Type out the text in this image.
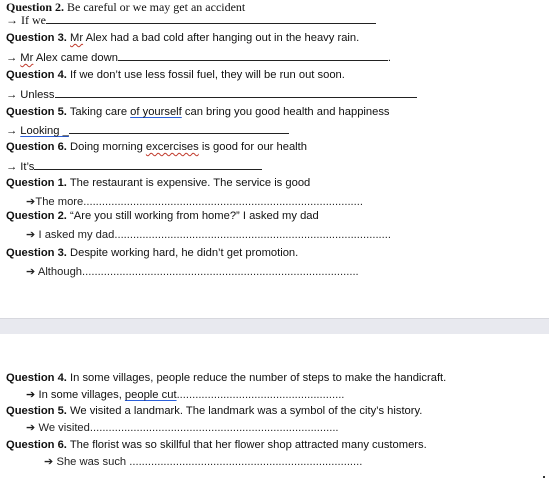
Question 2. Be careful or we may get an accident
→ If we
Question 3. Mr Alex had a bad cold after hanging out in the heavy rain.
→ Mr Alex came down	.
Question 4. If we don’t use less fossil fuel, they will be run out soon.
→ Unless
Question 5. Taking care of yourself can bring you good health and happiness
→ Looking _
Question 6. Doing morning excercises is good for our health
→ It’s
Question 1. The restaurant is expensive. The service is good
➔The more..........................................................................................
Question 2. “Are you still working from home?” I asked my dad
➔ I asked my dad.........................................................................................
Question 3. Despite working hard, he didn’t get promotion.
➔ Although.........................................................................................
Question 4. In some villages, people reduce the number of steps to make the handicraft.
➔ In some villages, people cut......................................................
Question 5. We visited a landmark. The landmark was a symbol of the city’s history.
➔ We visited................................................................................
Question 6. The florist was so skillful that her flower shop attracted many customers.
➔ She was such ...........................................................................
